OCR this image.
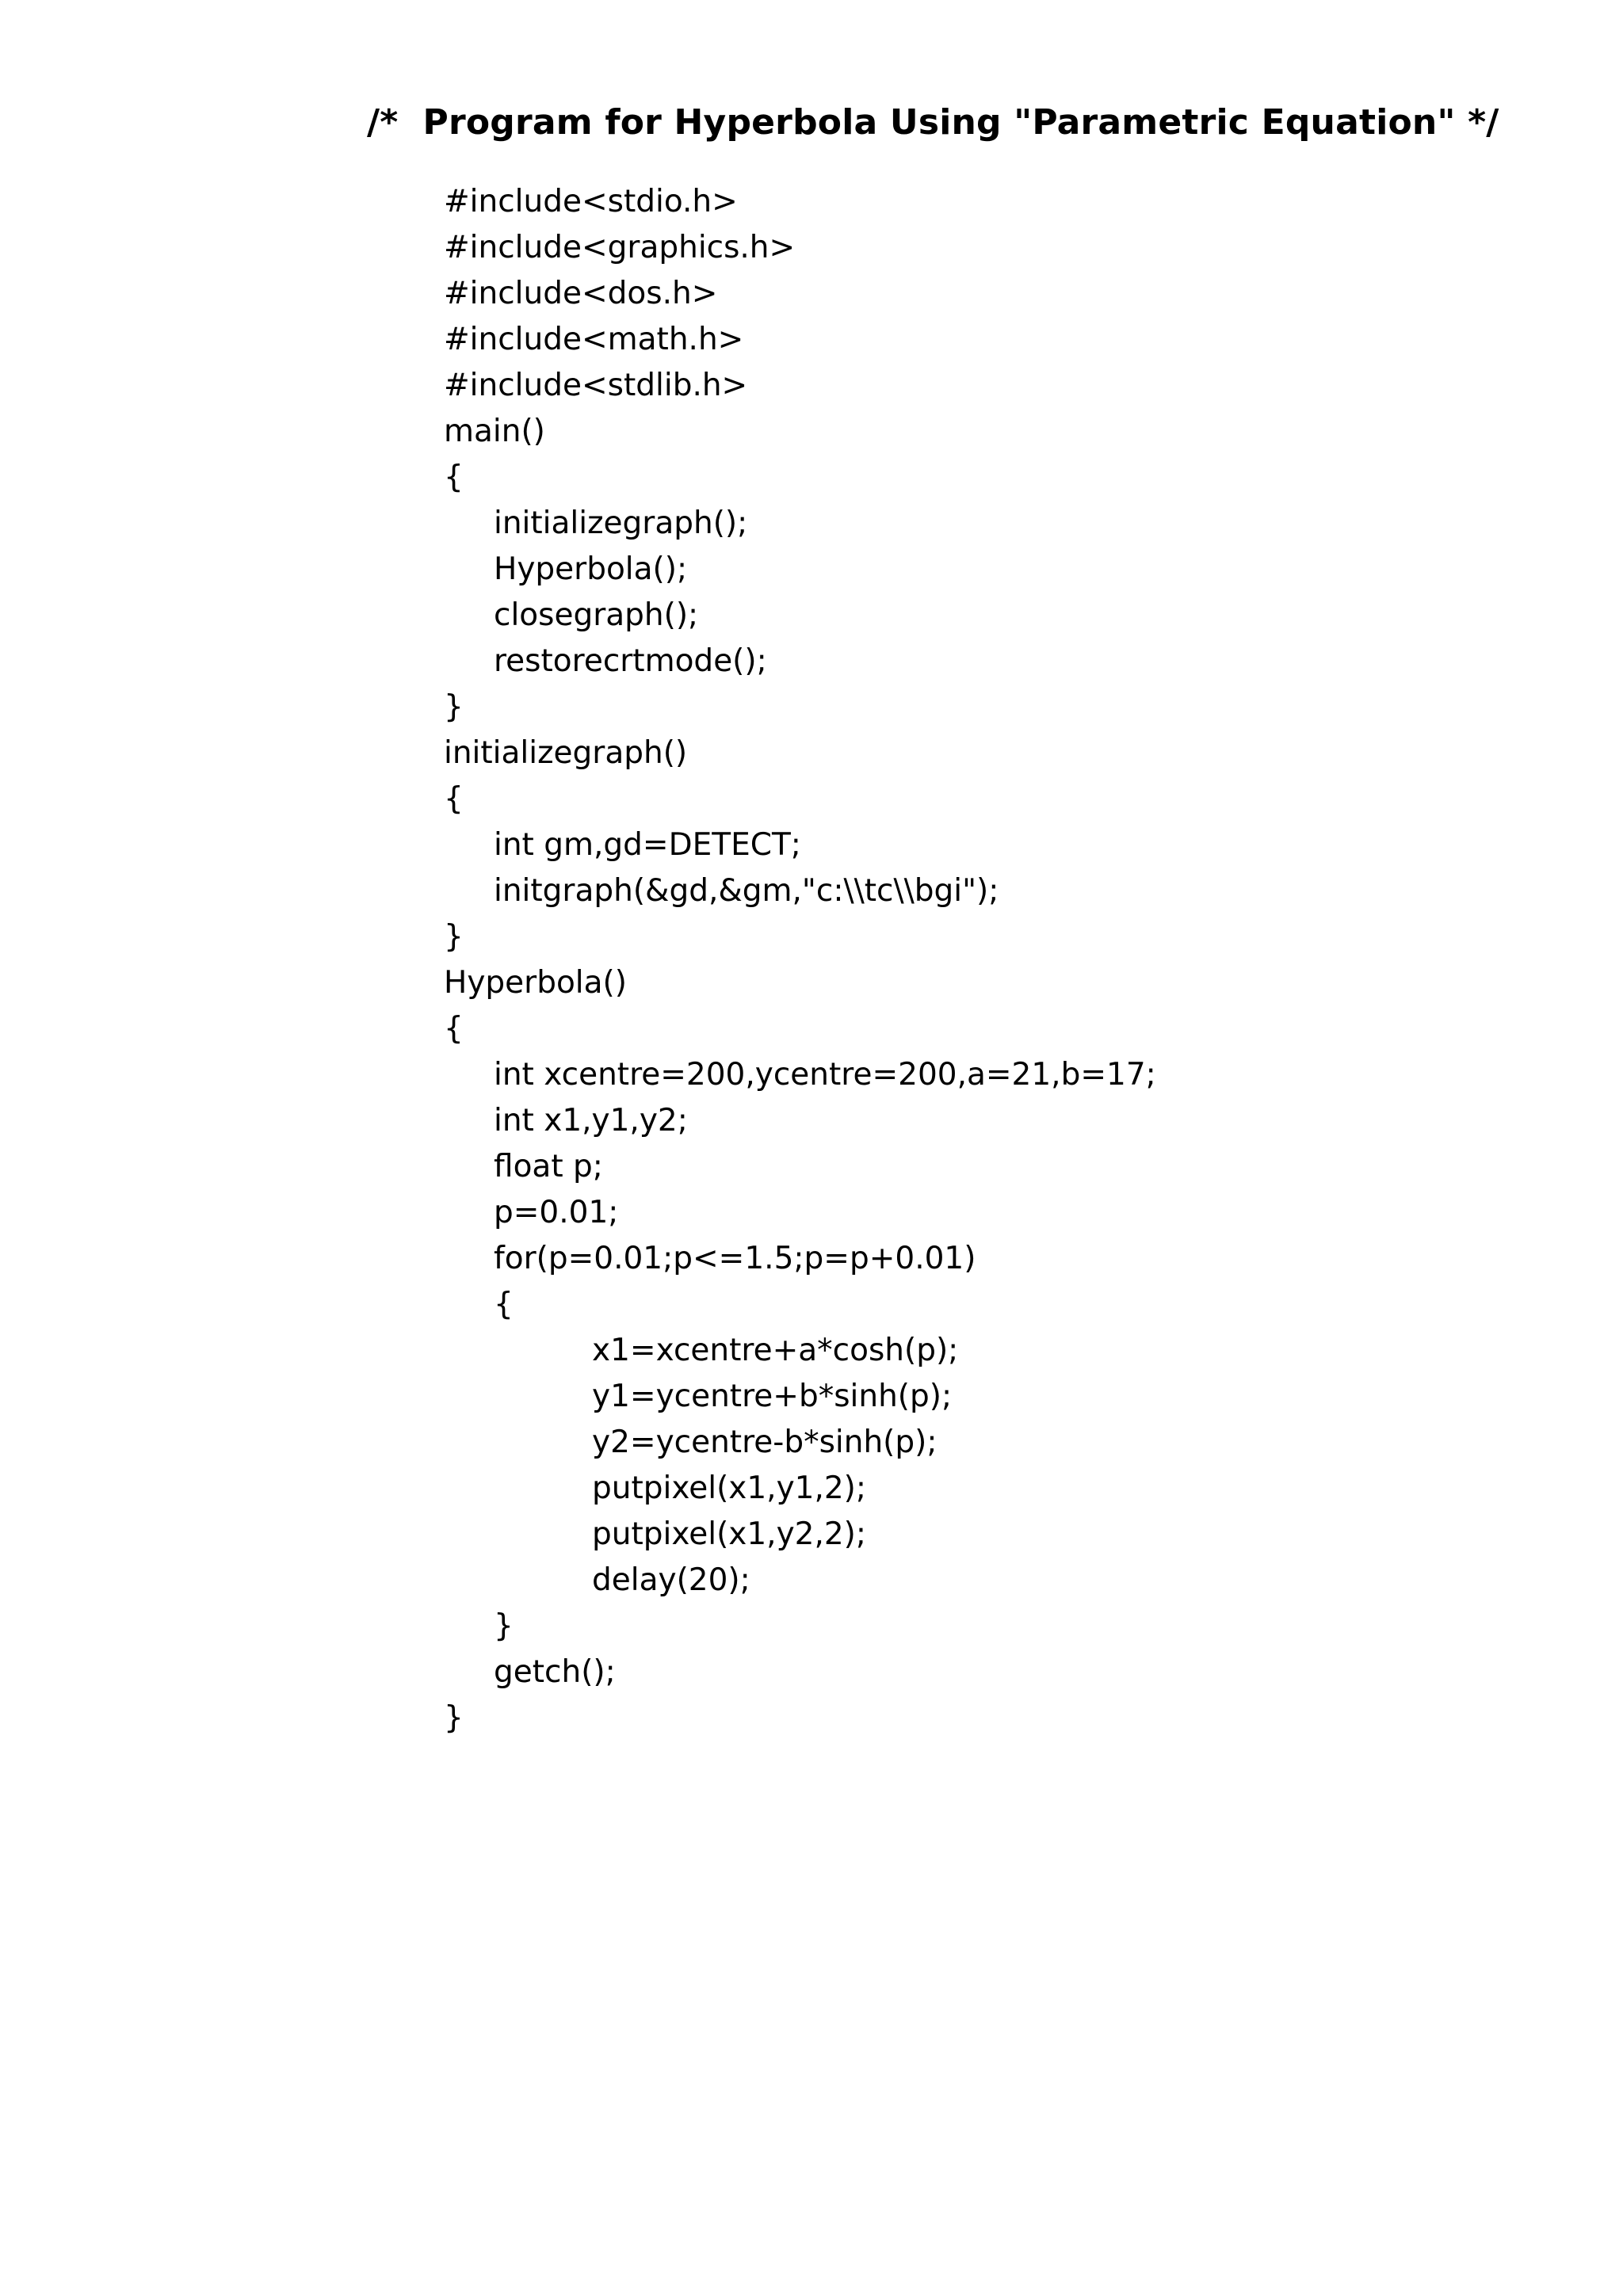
/*  Program for Hyperbola Using "Parametric Equation" */
#include<stdio.h>
#include<graphics.h>
#include<dos.h>
#include<math.h>
#include<stdlib.h>
main()
{
initializegraph();
Hyperbola();
closegraph();
restorecrtmode();
}
initializegraph()
{
int gm,gd=DETECT;
initgraph(&gd,&gm,"c:\\tc\\bgi");
}
Hyperbola()
{
int xcentre=200,ycentre=200,a=21,b=17;
int x1,y1,y2;
float p;
p=0.01;
for(p=0.01;p<=1.5;p=p+0.01)
{
x1=xcentre+a*cosh(p);
y1=ycentre+b*sinh(p);
y2=ycentre-b*sinh(p);
putpixel(x1,y1,2);
putpixel(x1,y2,2);
delay(20);
}
getch();
}
